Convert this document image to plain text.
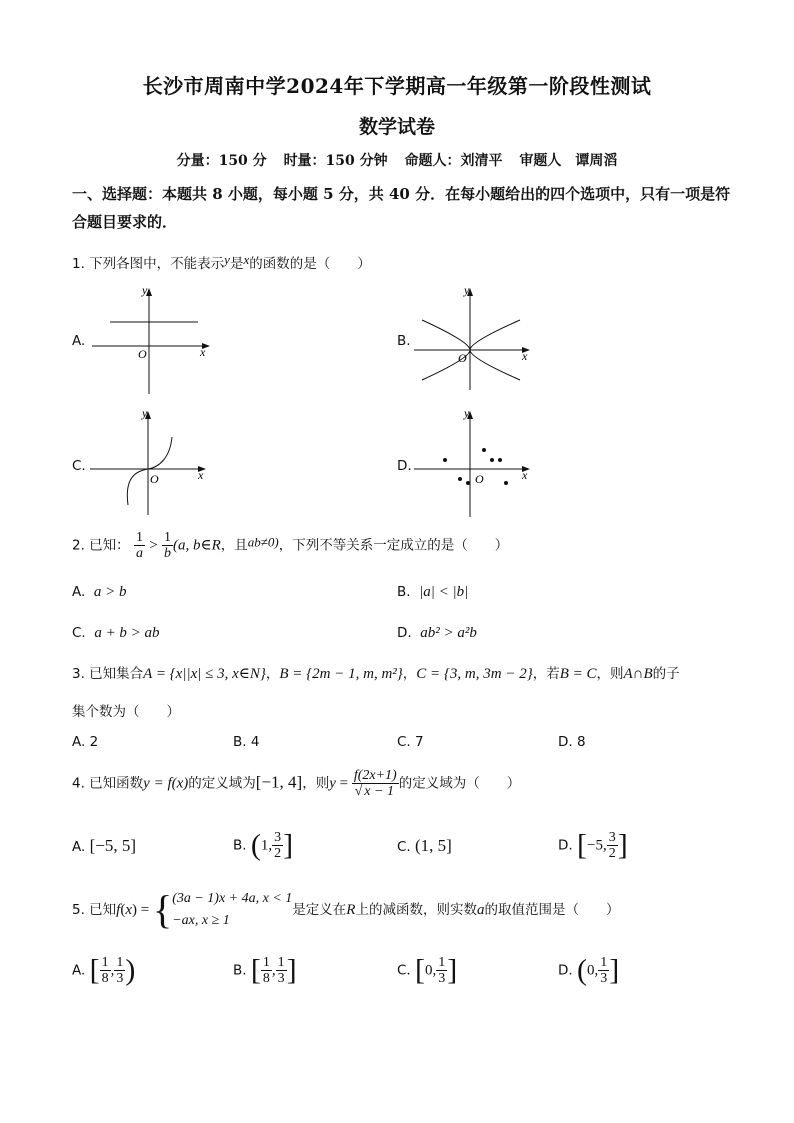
长沙市周南中学2024年下学期高一年级第一阶段性测试
数学试卷
分量：150 分 时量：150 分钟 命题人：刘清平 审题人　谭周滔
一、选择题：本题共 8 小题，每小题 5 分，共 40 分．在每小题给出的四个选项中，只有一项是符合题目要求的．
1. 下列各图中，不能表示y是x的函数的是（　　）
A.
y
x
O
B.
y
x
O
C.
y
x
O
D.
y
x
O
2. 已知： $\frac{1}{a} > \frac{1}{b} (a$, b∈R，且ab≠0)，下列不等关系一定成立的是（　　）
A. a > b	B. |a| < |b|
C. a + b > ab	D. ab² > a²b
3. 已知集合A = {x||x| ≤ 3, x∈N}，B = {2m − 1, m, m²}，C = {3, m, 3m − 2}，若B = C，则A∩B的子
集个数为（　　）
A. 2	B. 4	C. 7	D. 8
4. 已知函数y = f(x)的定义域为[−1, 4]，则$y = \frac{f(2x+1)}{√ x - 1}$ 的定义域为（　　）
A. [−5, 5]	B. (1, $\frac{3}{2}$ ]	C. (1, 5]	D. [−5, $\frac{3}{2}$ ]
5. 已知f(x) = { (3a − 1)x + 4a, x < 1
−ax, x ≥ 1
是定义在R上的减函数，则实数a的取值范围是（　　）
A. [ $\frac{1}{8}$ , $\frac{1}{3}$ )	B. [ $\frac{1}{8}$ , $\frac{1}{3}$ ]	C. [0, $\frac{1}{3}$ ]	D. (0, $\frac{1}{3}$ ]
